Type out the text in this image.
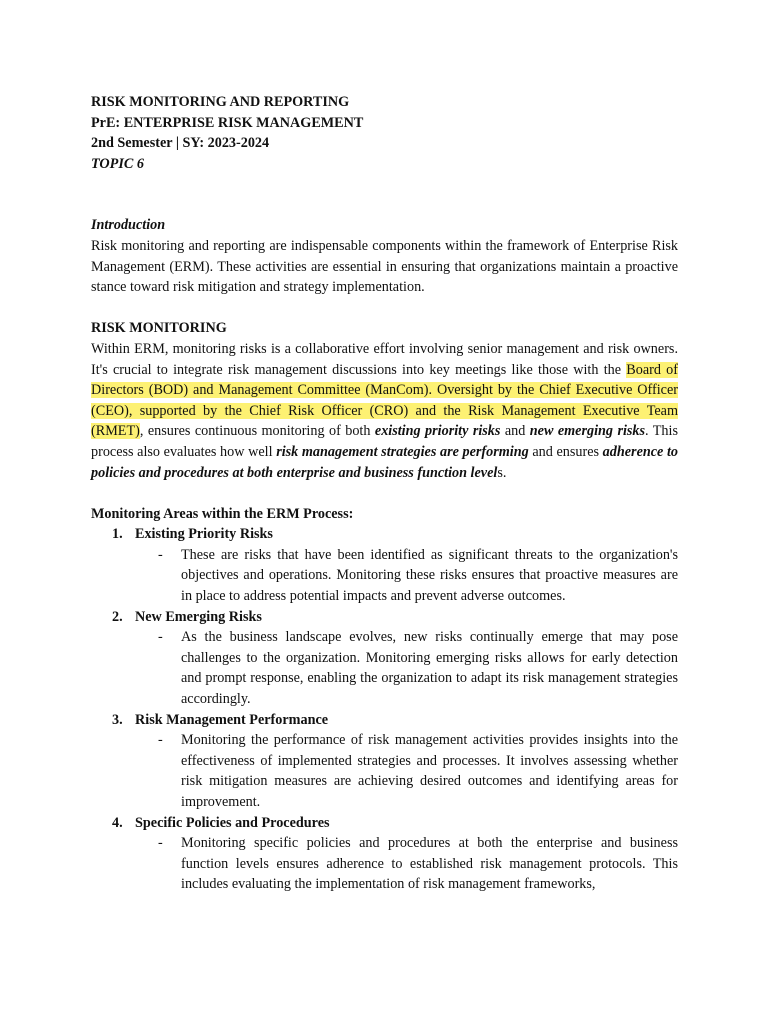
RISK MONITORING AND REPORTING

PrE: ENTERPRISE RISK MANAGEMENT

2nd Semester | SY: 2023-2024

TOPIC 6

Introduction

Risk monitoring and reporting are indispensable components within the framework of Enterprise Risk Management (ERM). These activities are essential in ensuring that organizations maintain a proactive stance toward risk mitigation and strategy implementation.

RISK MONITORING

Within ERM, monitoring risks is a collaborative effort involving senior management and risk owners. It's crucial to integrate risk management discussions into key meetings like those with the Board of Directors (BOD) and Management Committee (ManCom). Oversight by the Chief Executive Officer (CEO), supported by the Chief Risk Officer (CRO) and the Risk Management Executive Team (RMET), ensures continuous monitoring of both existing priority risks and new emerging risks. This process also evaluates how well risk management strategies are performing and ensures adherence to policies and procedures at both enterprise and business function levels.

Monitoring Areas within the ERM Process:

1. Existing Priority Risks
- These are risks that have been identified as significant threats to the organization's objectives and operations. Monitoring these risks ensures that proactive measures are in place to address potential impacts and prevent adverse outcomes.
2. New Emerging Risks
- As the business landscape evolves, new risks continually emerge that may pose challenges to the organization. Monitoring emerging risks allows for early detection and prompt response, enabling the organization to adapt its risk management strategies accordingly.
3. Risk Management Performance
- Monitoring the performance of risk management activities provides insights into the effectiveness of implemented strategies and processes. It involves assessing whether risk mitigation measures are achieving desired outcomes and identifying areas for improvement.
4. Specific Policies and Procedures
- Monitoring specific policies and procedures at both the enterprise and business function levels ensures adherence to established risk management protocols. This includes evaluating the implementation of risk management frameworks,
